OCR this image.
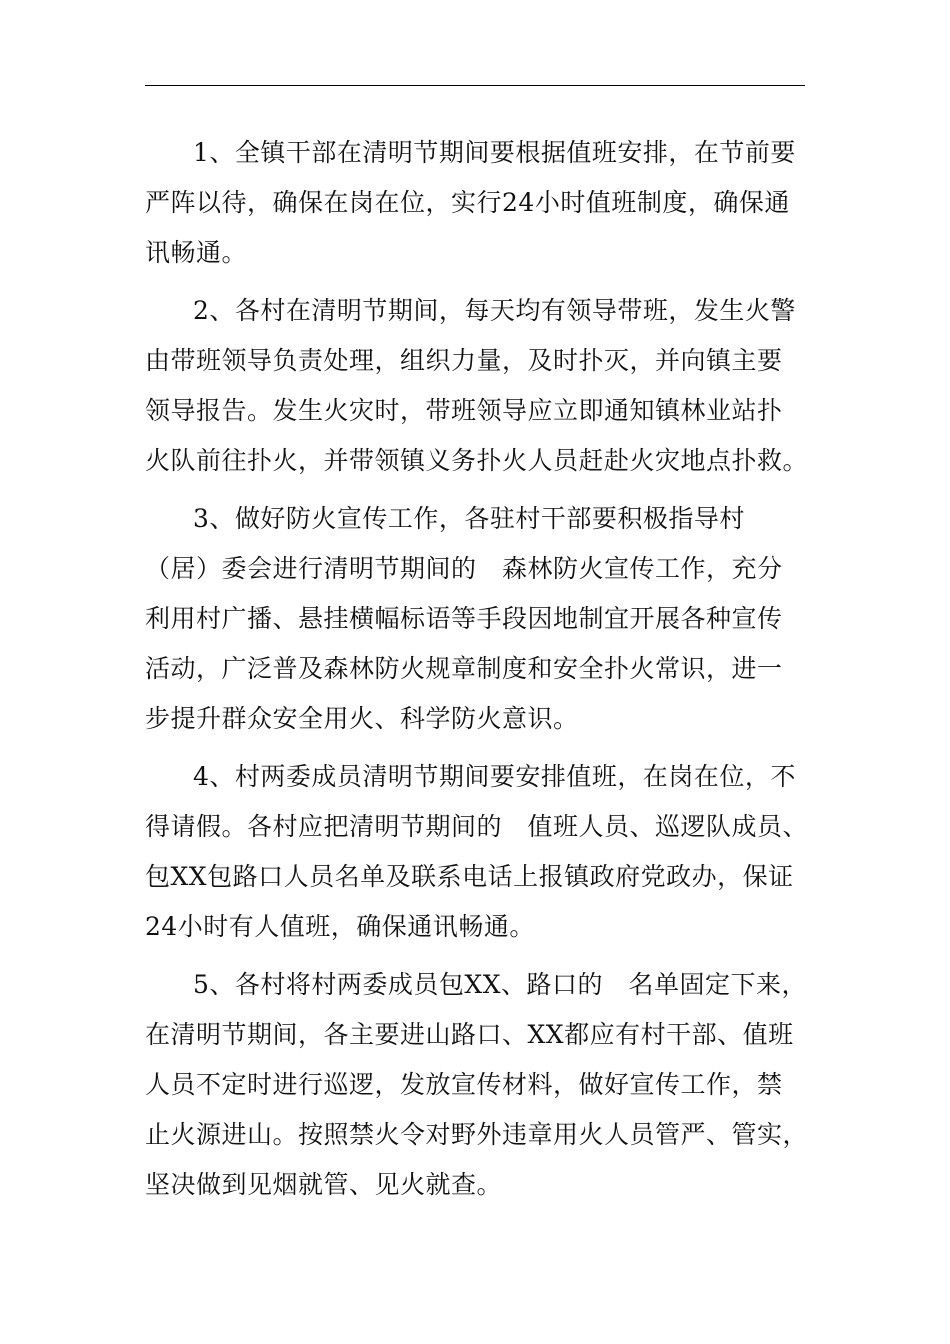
1、全镇干部在清明节期间要根据值班安排，在节前要
严阵以待，确保在岗在位，实行24小时值班制度，确保通
讯畅通。
2、各村在清明节期间，每天均有领导带班，发生火警
由带班领导负责处理，组织力量，及时扑灭，并向镇主要
领导报告。发生火灾时，带班领导应立即通知镇林业站扑
火队前往扑火，并带领镇义务扑火人员赶赴火灾地点扑救。
3、做好防火宣传工作，各驻村干部要积极指导村
（居）委会进行清明节期间的　森林防火宣传工作，充分
利用村广播、悬挂横幅标语等手段因地制宜开展各种宣传
活动，广泛普及森林防火规章制度和安全扑火常识，进一
步提升群众安全用火、科学防火意识。
4、村两委成员清明节期间要安排值班，在岗在位，不
得请假。各村应把清明节期间的　值班人员、巡逻队成员、
包XX包路口人员名单及联系电话上报镇政府党政办，保证
24小时有人值班，确保通讯畅通。
5、各村将村两委成员包XX、路口的　名单固定下来，
在清明节期间，各主要进山路口、XX都应有村干部、值班
人员不定时进行巡逻，发放宣传材料，做好宣传工作，禁
止火源进山。按照禁火令对野外违章用火人员管严、管实，
坚决做到见烟就管、见火就查。
